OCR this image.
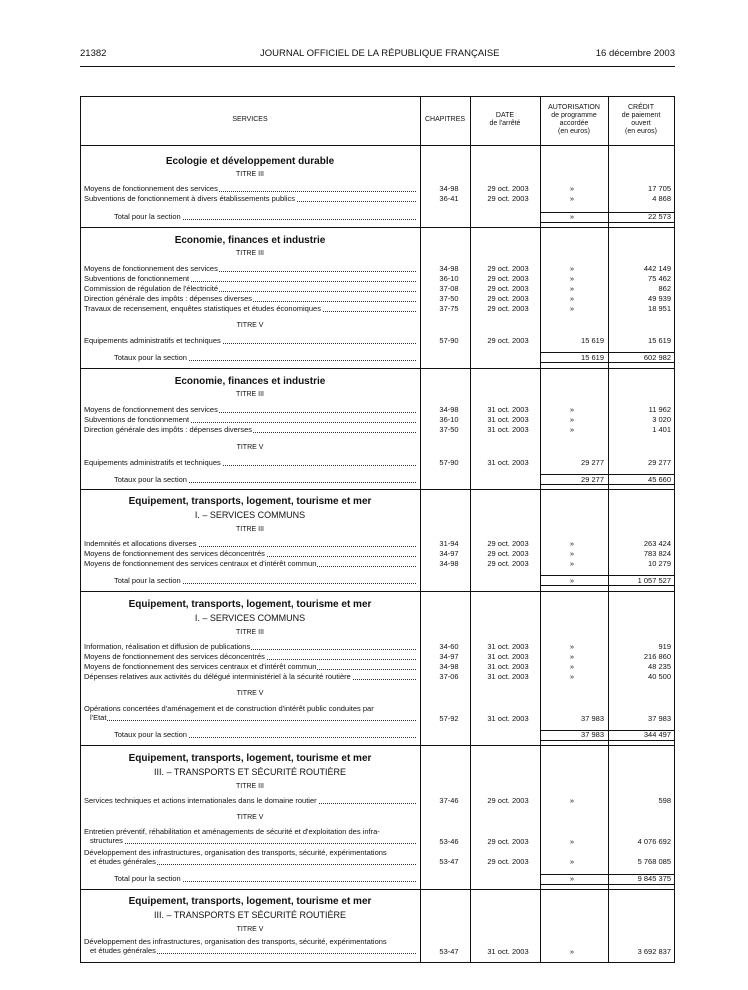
21382	JOURNAL OFFICIEL DE LA RÉPUBLIQUE FRANÇAISE	16 décembre 2003
SERVICES	CHAPITRES
DATE
de l'arrêté
AUTORISATION
de programme
accordée
(en euros)
CRÉDIT
de paiement
ouvert
(en euros)
Ecologie et développement durable
TITRE III
Moyens de fonctionnement des services	34-98	29 oct. 2003	»	17 705
Subventions de fonctionnement à divers établissements publics	36-41	29 oct. 2003	»	4 868
Total pour la section	»	22 573
Economie, finances et industrie
TITRE III
Moyens de fonctionnement des services	34-98	29 oct. 2003	»	442 149
Subventions de fonctionnement	36-10	29 oct. 2003	»	75 462
Commission de régulation de l'électricité	37-08	29 oct. 2003	»	862
Direction générale des impôts : dépenses diverses	37-50	29 oct. 2003	»	49 939
Travaux de recensement, enquêtes statistiques et études économiques	37-75	29 oct. 2003	»	18 951
TITRE V
Equipements administratifs et techniques	57-90	29 oct. 2003	15 619	15 619
Totaux pour la section	15 619	602 982
Economie, finances et industrie
TITRE III
Moyens de fonctionnement des services	34-98	31 oct. 2003	»	11 962
Subventions de fonctionnement	36-10	31 oct. 2003	»	3 020
Direction générale des impôts : dépenses diverses	37-50	31 oct. 2003	»	1 401
TITRE V
Equipements administratifs et techniques	57-90	31 oct. 2003	29 277	29 277
Totaux pour la section	29 277	45 660
Equipement, transports, logement, tourisme et mer
I. – SERVICES COMMUNS
TITRE III
Indemnités et allocations diverses	31-94	29 oct. 2003	»	263 424
Moyens de fonctionnement des services déconcentrés	34-97	29 oct. 2003	»	783 824
Moyens de fonctionnement des services centraux et d'intérêt commun	34-98	29 oct. 2003	»	10 279
Total pour la section	»	1 057 527
Equipement, transports, logement, tourisme et mer
I. – SERVICES COMMUNS
TITRE III
Information, réalisation et diffusion de publications	34-60	31 oct. 2003	»	919
Moyens de fonctionnement des services déconcentrés	34-97	31 oct. 2003	»	216 860
Moyens de fonctionnement des services centraux et d'intérêt commun	34-98	31 oct. 2003	»	48 235
Dépenses relatives aux activités du délégué interministériel à la sécurité routière	37-06	31 oct. 2003	»	40 500
TITRE V
Opérations concertées d'aménagement et de construction d'intérêt public conduites par
l'Etat	57-92	31 oct. 2003	37 983	37 983
Totaux pour la section	37 983	344 497
Equipement, transports, logement, tourisme et mer
III. – TRANSPORTS ET SÉCURITÉ ROUTIÈRE
TITRE III
Services techniques et actions internationales dans le domaine routier	37-46	29 oct. 2003	»	598
TITRE V
Entretien préventif, réhabilitation et aménagements de sécurité et d'exploitation des infra-
structures	53-46	29 oct. 2003	»	4 076 692
Développement des infrastructures, organisation des transports, sécurité, expérimentations
et études générales	53-47	29 oct. 2003	»	5 768 085
Total pour la section	»	9 845 375
Equipement, transports, logement, tourisme et mer
III. – TRANSPORTS ET SÉCURITÉ ROUTIÈRE
TITRE V
Développement des infrastructures, organisation des transports, sécurité, expérimentations
et études générales	53-47	31 oct. 2003	»	3 692 837
